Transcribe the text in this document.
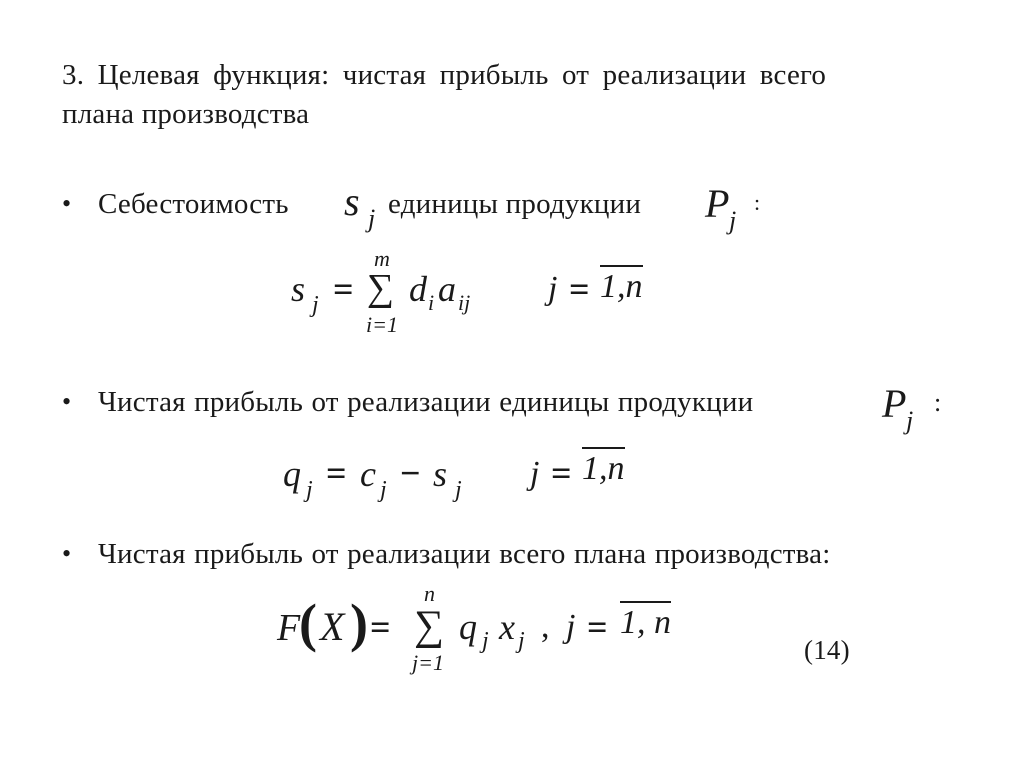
3. Целевая функция: чистая прибыль от реализации всего
плана производства
• Себестоимость s j единицы продукции P j
:
s j =
m
∑
i=1
d i a ij j = 1,n
• Чистая прибыль от реализации единицы продукции	P j
:
q j = c j − s j j = 1,n
• Чистая прибыль от реализации всего плана производства:
F
( X ) =
n
∑
j=1
q j x j , j = 1, n
(14)
